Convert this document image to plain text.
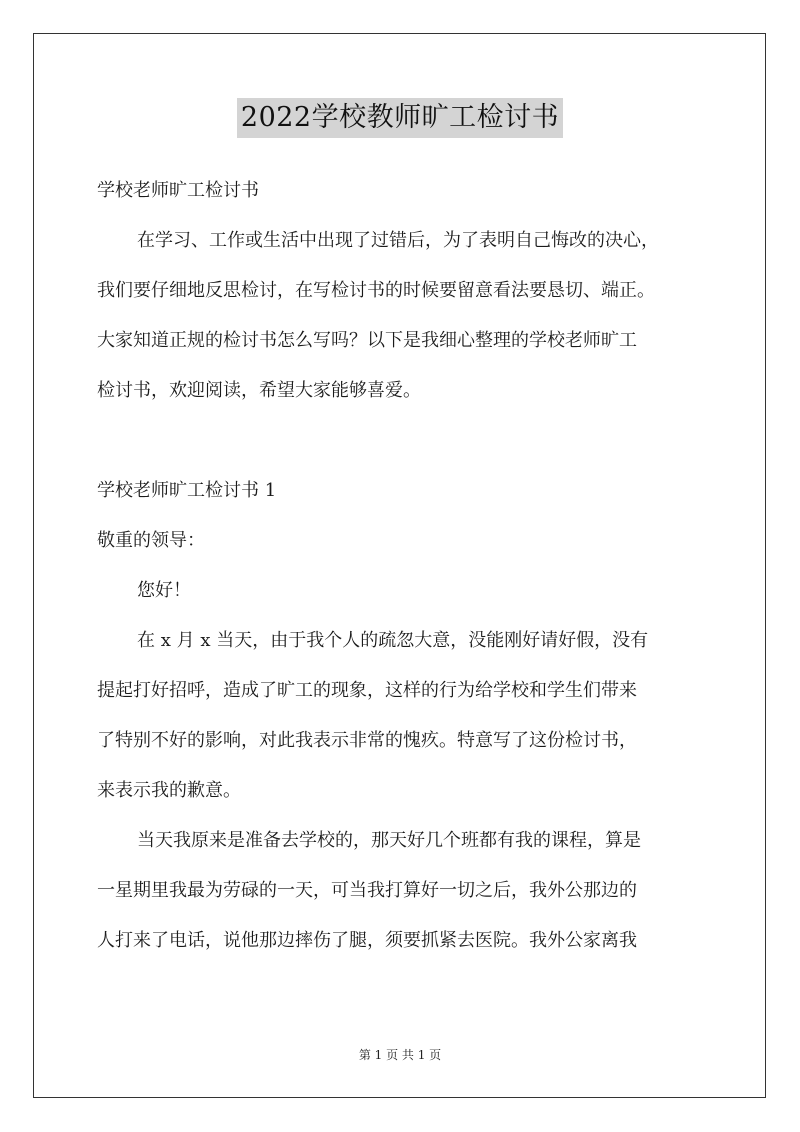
2022学校教师旷工检讨书
学校老师旷工检讨书
在学习、工作或生活中出现了过错后，为了表明自己悔改的决心，
我们要仔细地反思检讨，在写检讨书的时候要留意看法要恳切、端正。
大家知道正规的检讨书怎么写吗？以下是我细心整理的学校老师旷工
检讨书，欢迎阅读，希望大家能够喜爱。
学校老师旷工检讨书 1
敬重的领导：
您好！
在 x 月 x 当天，由于我个人的疏忽大意，没能刚好请好假，没有
提起打好招呼，造成了旷工的现象，这样的行为给学校和学生们带来
了特别不好的影响，对此我表示非常的愧疚。特意写了这份检讨书，
来表示我的歉意。
当天我原来是准备去学校的，那天好几个班都有我的课程，算是
一星期里我最为劳碌的一天，可当我打算好一切之后，我外公那边的
人打来了电话，说他那边摔伤了腿，须要抓紧去医院。我外公家离我
第 1 页 共 1 页
